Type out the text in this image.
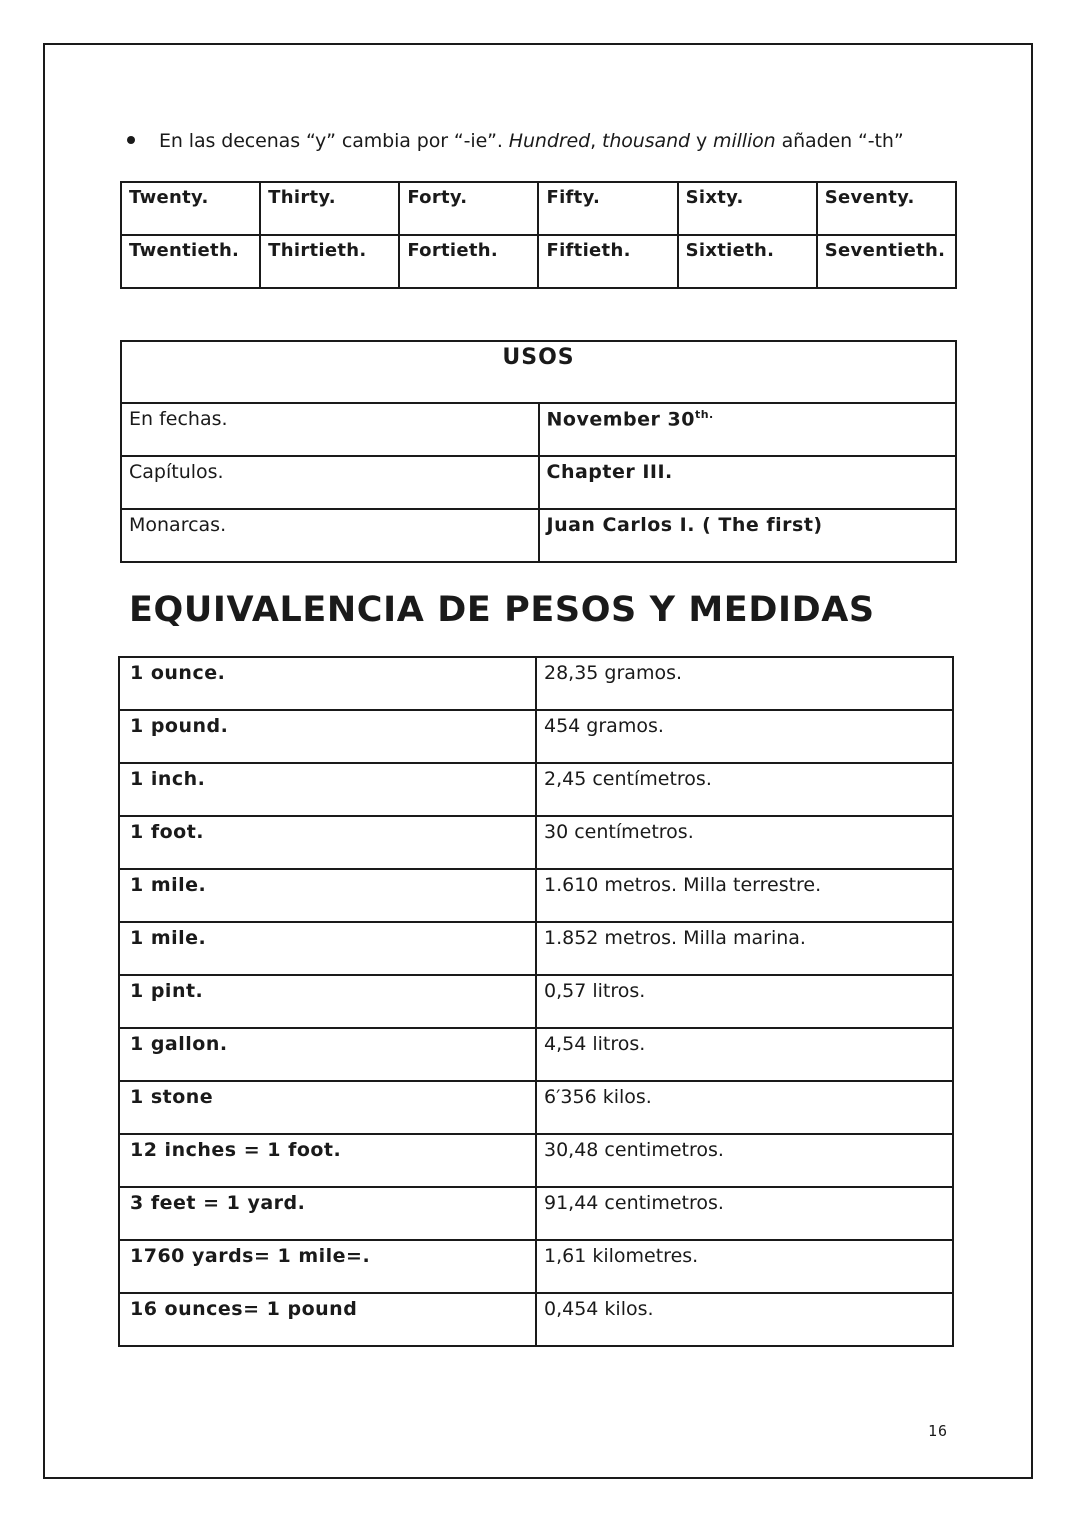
En las decenas “y” cambia por “-ie”. Hundred, thousand y million añaden “-th”
Twenty.	Thirty.	Forty.	Fifty.	Sixty.	Seventy.
Twentieth.	Thirtieth.	Fortieth.	Fiftieth.	Sixtieth.	Seventieth.
USOS	
En fechas.	November $30^{th.}$
Capítulos.	Chapter III.
Monarcas.	Juan Carlos I. ( The first)
EQUIVALENCIA DE PESOS Y MEDIDAS
1 ounce.	28,35 gramos.
1 pound.	454 gramos.
1 inch.	2,45 centímetros.
1 foot.	30 centímetros.
1 mile.	1.610 metros. Milla terrestre.
1 mile.	1.852 metros. Milla marina.
1 pint.	0,57 litros.
1 gallon.	4,54 litros.
1 stone	6′356 kilos.
12 inches = 1 foot.	30,48 centimetros.
3 feet = 1 yard.	91,44 centimetros.
1760 yards= 1 mile=.	1,61 kilometres.
16 ounces= 1 pound	0,454 kilos.
16
